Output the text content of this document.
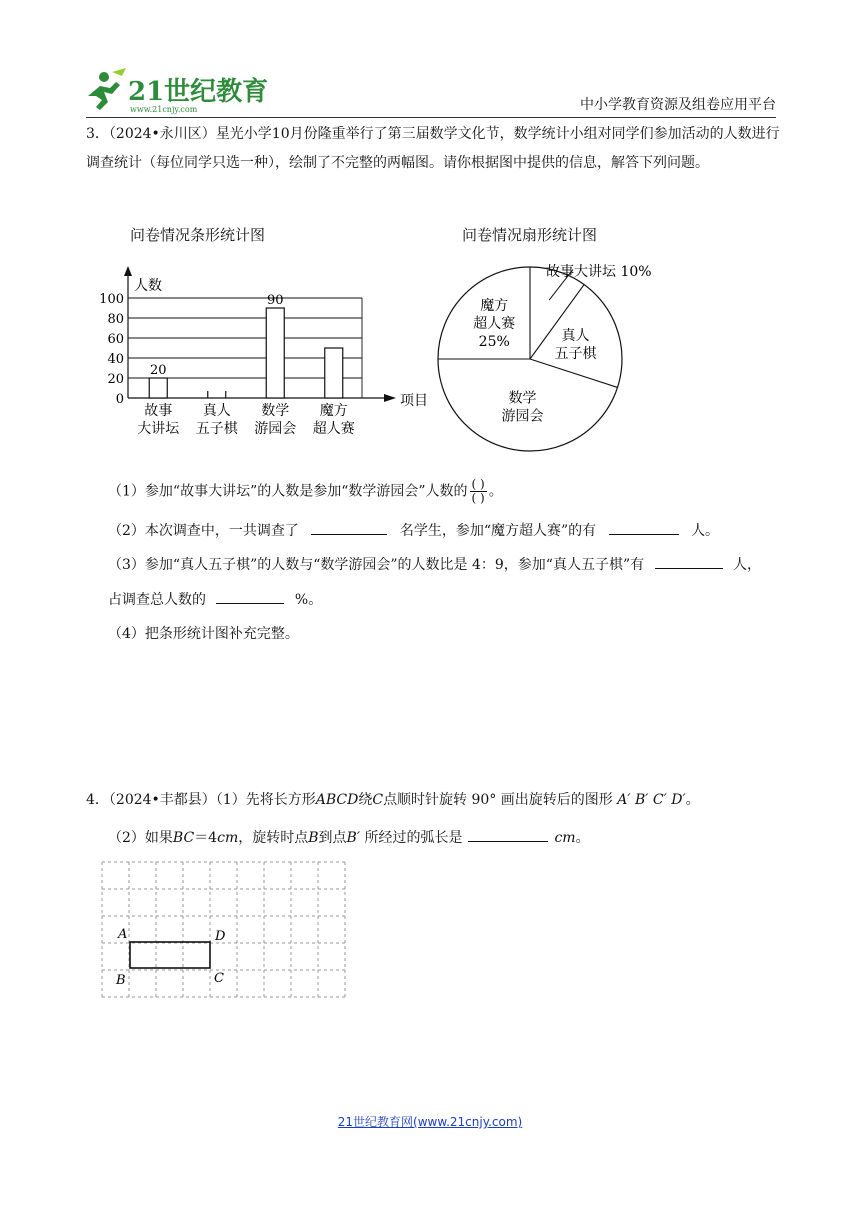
21世纪教育
www.21cnjy.com	中小学教育资源及组卷应用平台
3．（2024•永川区）星光小学10月份隆重举行了第三届数学文化节，数学统计小组对同学们参加活动的人数进行调查统计（每位同学只选一种），绘制了不完整的两幅图。请你根据图中提供的信息，解答下列问题。
问卷情况条形统计图	问卷情况扇形统计图
0
20
40
60
80
100
人数
项目
20
故事
大讲坛
真人
五子棋
90
数学
游园会
魔方
超人赛
故事大讲坛 10%
真人
五子棋
数学
游园会
魔方
超人赛
25%
（1）参加“故事大讲坛”的人数是参加“数学游园会”人数的 $\frac{( )}{( )}$ 。
（2）本次调查中，一共调查了	名学生，参加“魔方超人赛”的有	人。
（3）参加“真人五子棋”的人数与“数学游园会”的人数比是 4：9，参加“真人五子棋”有	人，
占调查总人数的	%。
（4）把条形统计图补充完整。
4．（2024•丰都县）（1）先将长方形ABCD绕C点顺时针旋转 90° 画出旋转后的图形 A′ B′ C′ D′。
（2）如果BC＝4cm，旋转时点B到点B′ 所经过的弧长是	cm。
A	D
B	C
21世纪教育网(www.21cnjy.com)
